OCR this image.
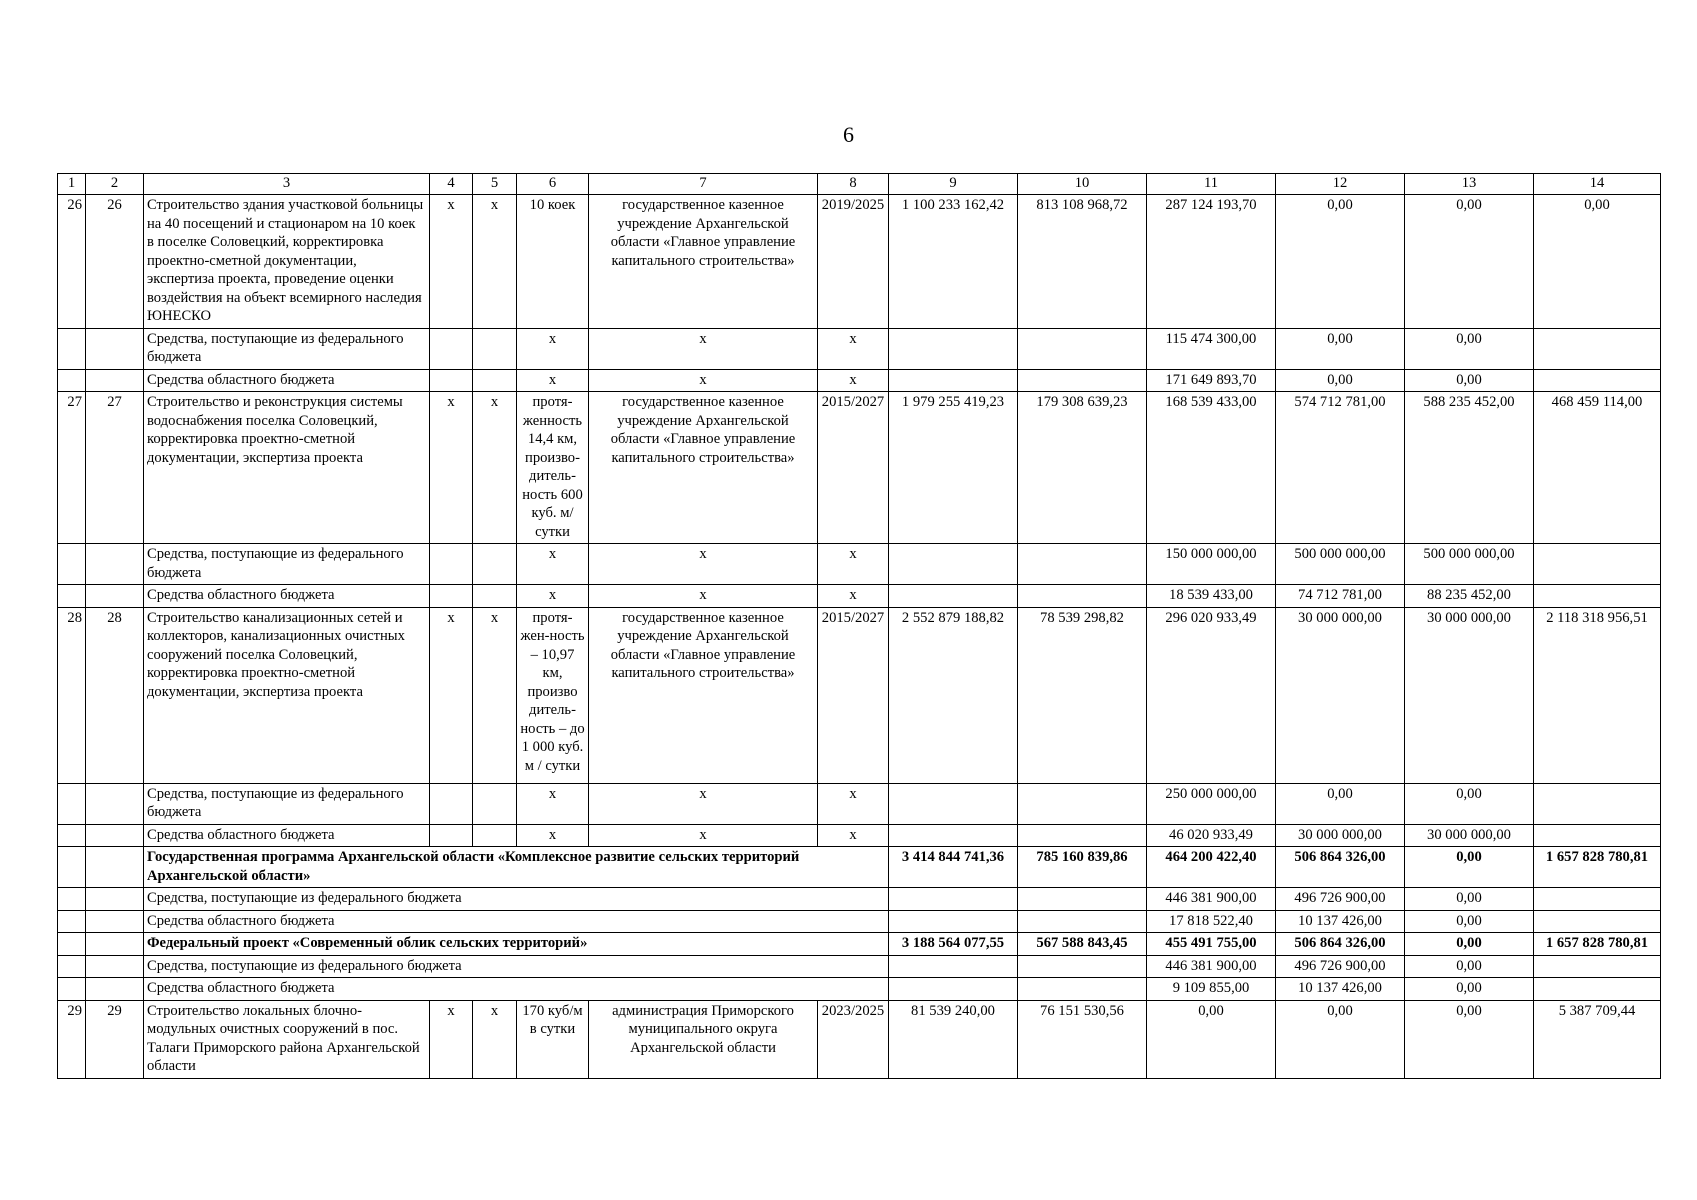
6
1	2	3	4	5	6	7	8	9	10	11	12	13	14
26	26	Строительство здания участковой больницы на 40 посещений и стационаром на 10 коек в поселке Соловецкий, корректировка проектно-сметной документации, экспертиза проекта, проведение оценки воздействия на объект всемирного наследия ЮНЕСКО	х	х	10 коек	государственное казенное учреждение Архангельской области «Главное управление капитального строительства»	2019/2025	1 100 233 162,42	813 108 968,72	287 124 193,70	0,00	0,00	0,00
		Средства, поступающие из федерального бюджета			х	х	х			115 474 300,00	0,00	0,00	
		Средства областного бюджета			х	х	х			171 649 893,70	0,00	0,00	
27	27	Строительство и реконструкция системы водоснабжения поселка Соловецкий, корректировка проектно-сметной документации, экспертиза проекта	х	х	протя-женность 14,4 км, произво-дитель-ность 600 куб. м/сутки	государственное казенное учреждение Архангельской области «Главное управление капитального строительства»	2015/2027	1 979 255 419,23	179 308 639,23	168 539 433,00	574 712 781,00	588 235 452,00	468 459 114,00
		Средства, поступающие из федерального бюджета			х	х	х			150 000 000,00	500 000 000,00	500 000 000,00	
		Средства областного бюджета			х	х	х			18 539 433,00	74 712 781,00	88 235 452,00	
28	28	Строительство канализационных сетей и коллекторов, канализационных очистных сооружений поселка Соловецкий, корректировка проектно-сметной документации, экспертиза проекта	х	х	протя-жен-ность – 10,97 км, произво дитель-ность – до 1 000 куб. м / сутки	государственное казенное учреждение Архангельской области «Главное управление капитального строительства»	2015/2027	2 552 879 188,82	78 539 298,82	296 020 933,49	30 000 000,00	30 000 000,00	2 118 318 956,51
		Средства, поступающие из федерального бюджета			х	х	х			250 000 000,00	0,00	0,00	
		Средства областного бюджета			х	х	х			46 020 933,49	30 000 000,00	30 000 000,00	
		Государственная программа Архангельской области «Комплексное развитие сельских территорий Архангельской области»						3 414 844 741,36	785 160 839,86	464 200 422,40	506 864 326,00	0,00	1 657 828 780,81
		Средства, поступающие из федерального бюджета								446 381 900,00	496 726 900,00	0,00	
		Средства областного бюджета								17 818 522,40	10 137 426,00	0,00	
		Федеральный проект «Современный облик сельских территорий»						3 188 564 077,55	567 588 843,45	455 491 755,00	506 864 326,00	0,00	1 657 828 780,81
		Средства, поступающие из федерального бюджета								446 381 900,00	496 726 900,00	0,00	
		Средства областного бюджета								9 109 855,00	10 137 426,00	0,00	
29	29	Строительство локальных блочно-модульных очистных сооружений в пос. Талаги Приморского района Архангельской области	х	х	170 куб/м в сутки	администрация Приморского муниципального округа Архангельской области	2023/2025	81 539 240,00	76 151 530,56	0,00	0,00	0,00	5 387 709,44
